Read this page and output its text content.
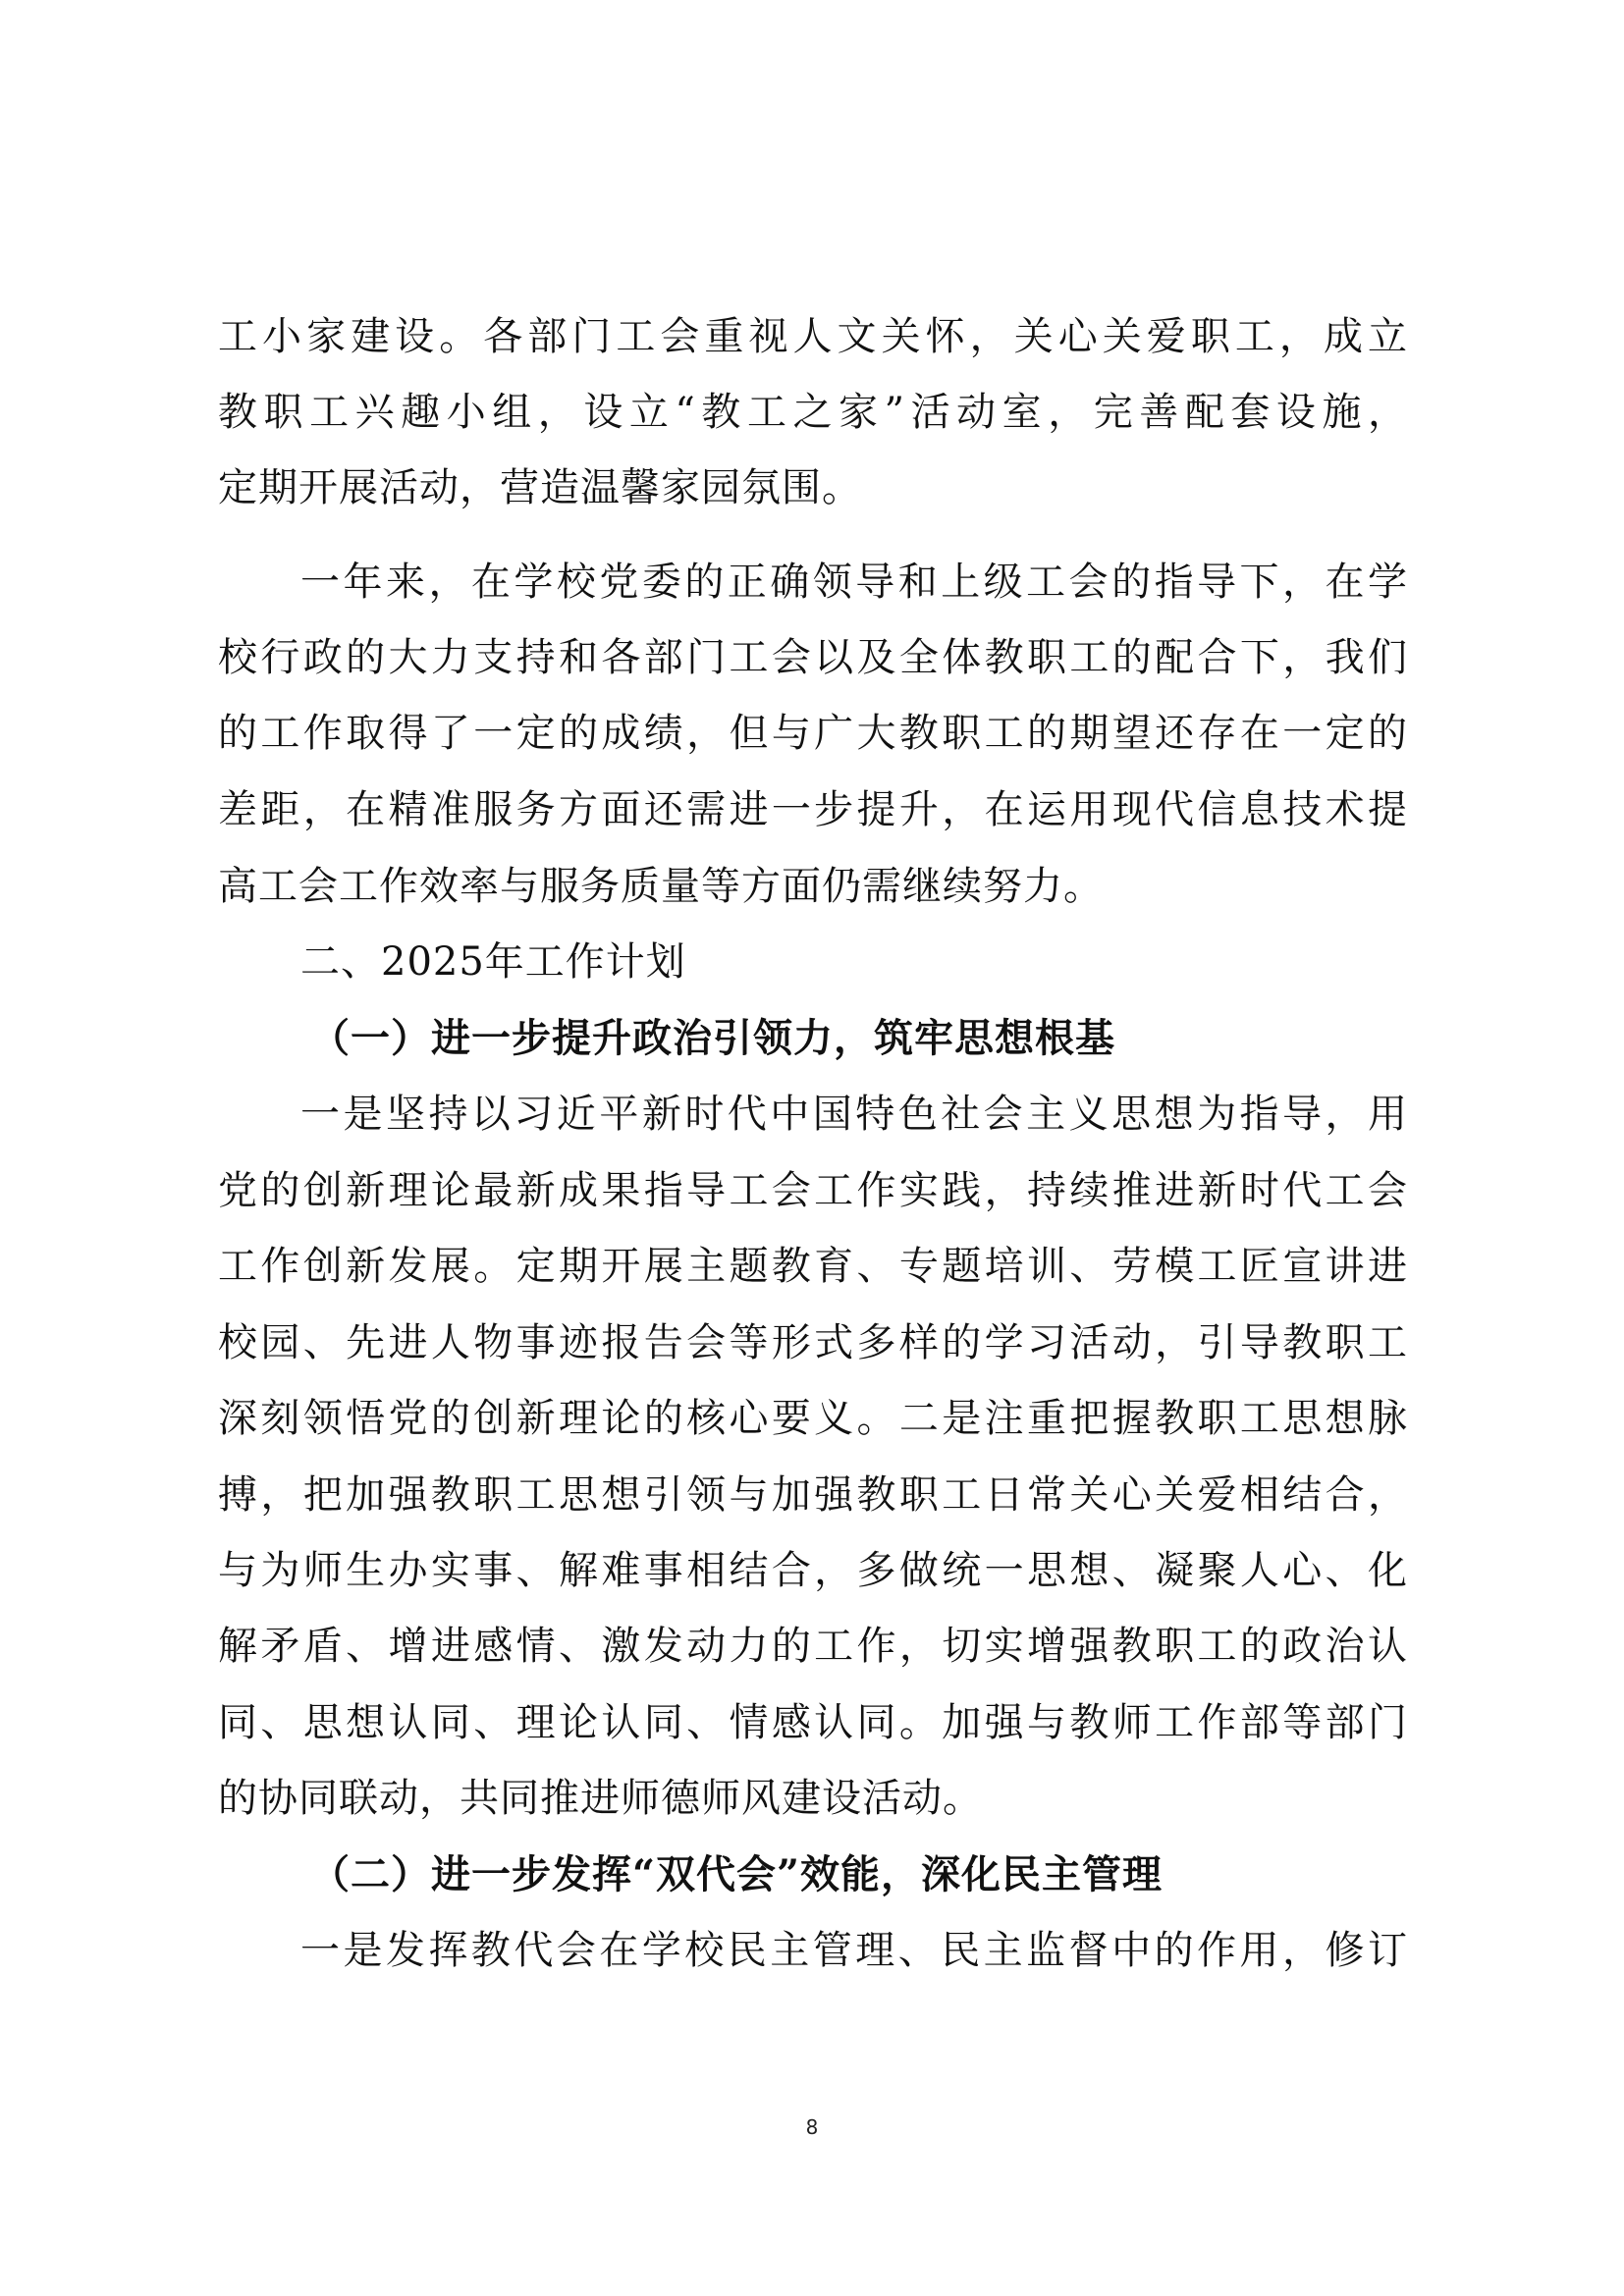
工小家建设。各部门工会重视人文关怀，关心关爱职工，成立
教职工兴趣小组，设立“教工之家”活动室，完善配套设施，
定期开展活动，营造温馨家园氛围。
一年来，在学校党委的正确领导和上级工会的指导下，在学
校行政的大力支持和各部门工会以及全体教职工的配合下，我们
的工作取得了一定的成绩，但与广大教职工的期望还存在一定的
差距，在精准服务方面还需进一步提升，在运用现代信息技术提
高工会工作效率与服务质量等方面仍需继续努力。
二、2025年工作计划
（一）进一步提升政治引领力，筑牢思想根基
一是坚持以习近平新时代中国特色社会主义思想为指导，用
党的创新理论最新成果指导工会工作实践，持续推进新时代工会
工作创新发展。定期开展主题教育、专题培训、劳模工匠宣讲进
校园、先进人物事迹报告会等形式多样的学习活动，引导教职工
深刻领悟党的创新理论的核心要义。二是注重把握教职工思想脉
搏，把加强教职工思想引领与加强教职工日常关心关爱相结合，
与为师生办实事、解难事相结合，多做统一思想、凝聚人心、化
解矛盾、增进感情、激发动力的工作，切实增强教职工的政治认
同、思想认同、理论认同、情感认同。加强与教师工作部等部门
的协同联动，共同推进师德师风建设活动。
（二）进一步发挥“双代会”效能，深化民主管理
一是发挥教代会在学校民主管理、民主监督中的作用，修订
8
